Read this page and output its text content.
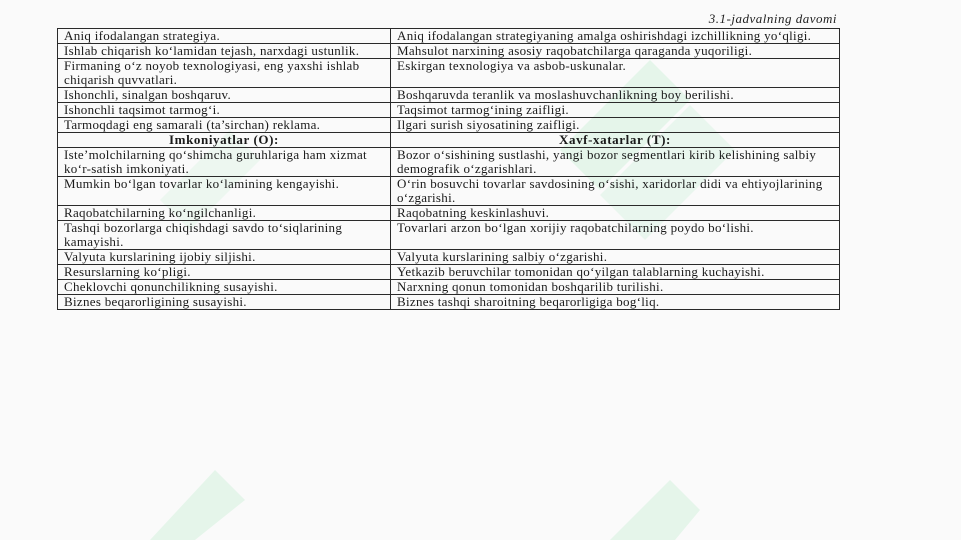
3.1-jadvalning davomi
Aniq ifodalangan strategiya.	Aniq ifodalangan strategiyaning amalga oshirishdagi izchillikning yo‘qligi.
Ishlab chiqarish ko‘lamidan tejash, narxdagi ustunlik.	Mahsulot narxining asosiy raqobatchilarga qaraganda yuqoriligi.
Firmaning o‘z noyob texnologiyasi, eng yaxshi ishlab chiqarish quvvatlari.	Eskirgan texnologiya va asbob-uskunalar.
Ishonchli, sinalgan boshqaruv.	Boshqaruvda teranlik va moslashuvchanlikning boy berilishi.
Ishonchli taqsimot tarmog‘i.	Taqsimot tarmog‘ining zaifligi.
Tarmoqdagi eng samarali (ta’sirchan) reklama.	Ilgari surish siyosatining zaifligi.
Imkoniyatlar (O):	Xavf-xatarlar (T):
Iste’molchilarning qo‘shimcha guruhlariga ham xizmat ko‘r-satish imkoniyati.	Bozor o‘sishining sustlashi, yangi bozor segmentlari kirib kelishining salbiy demografik o‘zgarishlari.
Mumkin bo‘lgan tovarlar ko‘lamining kengayishi.	O‘rin bosuvchi tovarlar savdosining o‘sishi, xaridorlar didi va ehtiyojlarining o‘zgarishi.
Raqobatchilarning ko‘ngilchanligi.	Raqobatning keskinlashuvi.
Tashqi bozorlarga chiqishdagi savdo to‘siqlarining kamayishi.	Tovarlari arzon bo‘lgan xorijiy raqobatchilarning poydo bo‘lishi.
Valyuta kurslarining ijobiy siljishi.	Valyuta kurslarining salbiy o‘zgarishi.
Resurslarning ko‘pligi.	Yetkazib beruvchilar tomonidan qo‘yilgan talablarning kuchayishi.
Cheklovchi qonunchilikning susayishi.	Narxning qonun tomonidan boshqarilib turilishi.
Biznes beqarorligining susayishi.	Biznes tashqi sharoitning beqarorligiga bog‘liq.
